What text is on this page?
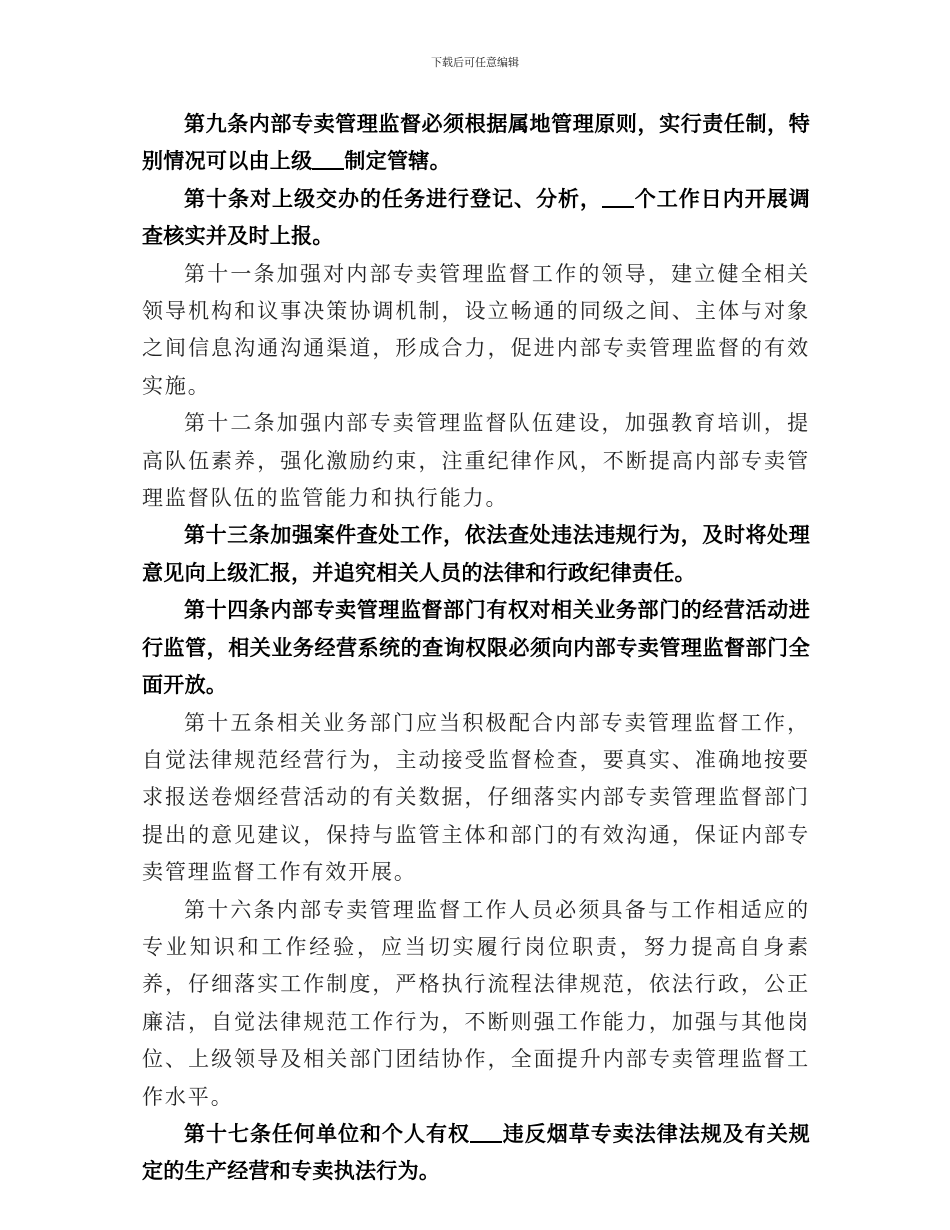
下载后可任意编辑

第九条内部专卖管理监督必须根据属地管理原则，实行责任制，特别情况可以由上级 制定管辖。

第十条对上级交办的任务进行登记、分析， 个工作日内开展调查核实并及时上报。

第十一条加强对内部专卖管理监督工作的领导，建立健全相关领导机构和议事决策协调机制，设立畅通的同级之间、主体与对象之间信息沟通沟通渠道，形成合力，促进内部专卖管理监督的有效实施。

第十二条加强内部专卖管理监督队伍建设，加强教育培训，提高队伍素养，强化激励约束，注重纪律作风，不断提高内部专卖管理监督队伍的监管能力和执行能力。

第十三条加强案件查处工作，依法查处违法违规行为，及时将处理意见向上级汇报，并追究相关人员的法律和行政纪律责任。

第十四条内部专卖管理监督部门有权对相关业务部门的经营活动进行监管，相关业务经营系统的查询权限必须向内部专卖管理监督部门全面开放。

第十五条相关业务部门应当积极配合内部专卖管理监督工作，自觉法律规范经营行为，主动接受监督检查，要真实、准确地按要求报送卷烟经营活动的有关数据，仔细落实内部专卖管理监督部门提出的意见建议，保持与监管主体和部门的有效沟通，保证内部专卖管理监督工作有效开展。

第十六条内部专卖管理监督工作人员必须具备与工作相适应的专业知识和工作经验，应当切实履行岗位职责，努力提高自身素养，仔细落实工作制度，严格执行流程法律规范，依法行政，公正廉洁，自觉法律规范工作行为，不断则强工作能力，加强与其他岗位、上级领导及相关部门团结协作，全面提升内部专卖管理监督工作水平。

第十七条任何单位和个人有权 违反烟草专卖法律法规及有关规定的生产经营和专卖执法行为。
